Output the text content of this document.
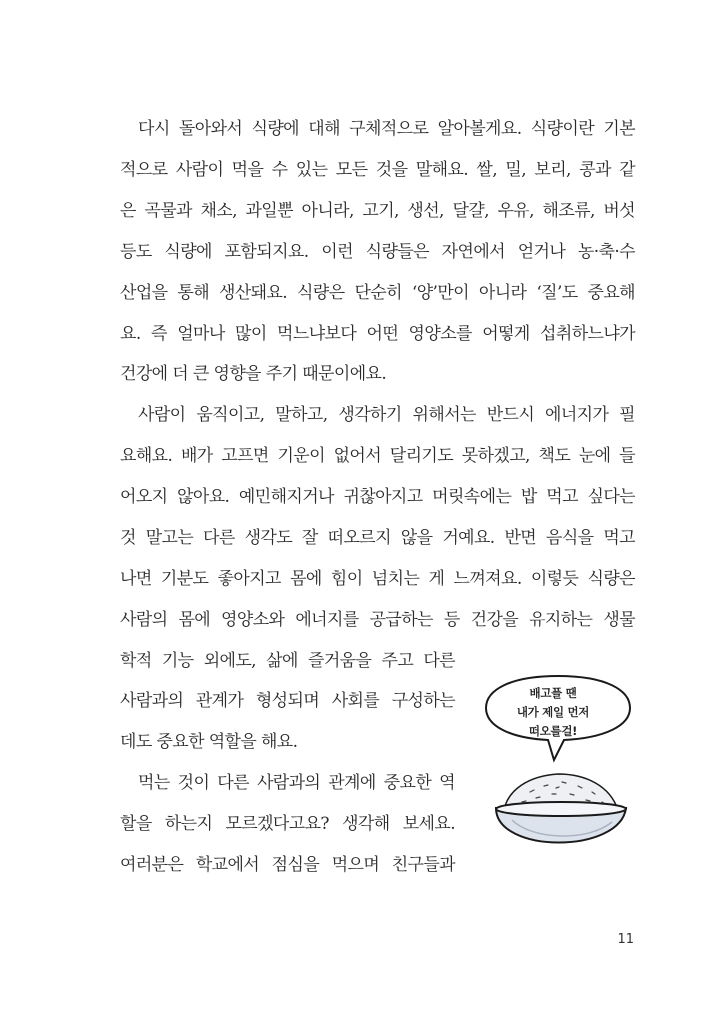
다시 돌아와서 식량에 대해 구체적으로 알아볼게요. 식량이란 기본
적으로 사람이 먹을 수 있는 모든 것을 말해요. 쌀, 밀, 보리, 콩과 같
은 곡물과 채소, 과일뿐 아니라, 고기, 생선, 달걀, 우유, 해조류, 버섯
등도 식량에 포함되지요. 이런 식량들은 자연에서 얻거나 농·축·수
산업을 통해 생산돼요. 식량은 단순히 ‘양’만이 아니라 ‘질’도 중요해
요. 즉 얼마나 많이 먹느냐보다 어떤 영양소를 어떻게 섭취하느냐가
건강에 더 큰 영향을 주기 때문이에요.
사람이 움직이고, 말하고, 생각하기 위해서는 반드시 에너지가 필
요해요. 배가 고프면 기운이 없어서 달리기도 못하겠고, 책도 눈에 들
어오지 않아요. 예민해지거나 귀찮아지고 머릿속에는 밥 먹고 싶다는
것 말고는 다른 생각도 잘 떠오르지 않을 거예요. 반면 음식을 먹고
나면 기분도 좋아지고 몸에 힘이 넘치는 게 느껴져요. 이렇듯 식량은
사람의 몸에 영양소와 에너지를 공급하는 등 건강을 유지하는 생물
학적 기능 외에도, 삶에 즐거움을 주고 다른
사람과의 관계가 형성되며 사회를 구성하는
데도 중요한 역할을 해요.
먹는 것이 다른 사람과의 관계에 중요한 역
할을 하는지 모르겠다고요? 생각해 보세요.
여러분은 학교에서 점심을 먹으며 친구들과
배고플 땐
내가 제일 먼저
떠오를걸!
11
